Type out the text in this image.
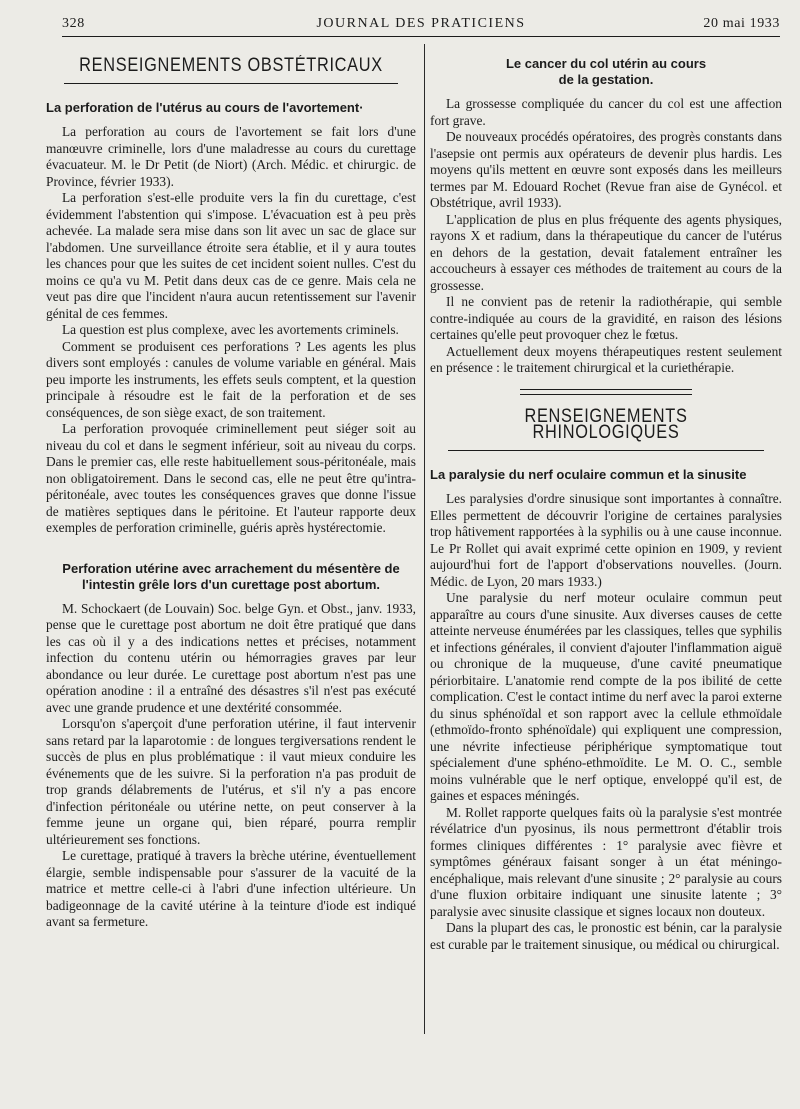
328	JOURNAL DES PRATICIENS	20 mai 1933
RENSEIGNEMENTS OBSTÉTRICAUX
La perforation de l'utérus au cours de l'avortement·

La perforation au cours de l'avortement se fait lors d'une manœuvre criminelle, lors d'une maladresse au cours du curettage évacuateur. M. le Dr Petit (de Niort) (Arch. Médic. et chirurgic. de Province, février 1933).

La perforation s'est-elle produite vers la fin du curettage, c'est évidemment l'abstention qui s'impose. L'évacuation est à peu près achevée. La malade sera mise dans son lit avec un sac de glace sur l'abdomen. Une surveillance étroite sera établie, et il y aura toutes les chances pour que les suites de cet incident soient nulles. C'est du moins ce qu'a vu M. Petit dans deux cas de ce genre. Mais cela ne veut pas dire que l'incident n'aura aucun retentissement sur l'avenir génital de ces femmes.

La question est plus complexe, avec les avortements criminels.

Comment se produisent ces perforations ? Les agents les plus divers sont employés : canules de volume variable en général. Mais peu importe les instruments, les effets seuls comptent, et la question principale à résoudre est le fait de la perforation et de ses conséquences, de son siège exact, de son traitement.

La perforation provoquée criminellement peut siéger soit au niveau du col et dans le segment inférieur, soit au niveau du corps. Dans le premier cas, elle reste habituellement sous-péritonéale, mais non obligatoirement. Dans le second cas, elle ne peut être qu'intra-péritonéale, avec toutes les conséquences graves que donne l'issue de matières septiques dans le péritoine. Et l'auteur rapporte deux exemples de perforation criminelle, guéris après hystérectomie.

Perforation utérine avec arrachement du mésentère de l'intestin grêle lors d'un curettage post abortum.

M. Schockaert (de Louvain) Soc. belge Gyn. et Obst., janv. 1933, pense que le curettage post abortum ne doit être pratiqué que dans les cas où il y a des indications nettes et précises, notamment infection du contenu utérin ou hémorragies graves par leur abondance ou leur durée. Le curettage post abortum n'est pas une opération anodine : il a entraîné des désastres s'il n'est pas exécuté avec une grande prudence et une dextérité consommée.

Lorsqu'on s'aperçoit d'une perforation utérine, il faut intervenir sans retard par la laparotomie : de longues tergiversations rendent le succès de plus en plus problématique : il vaut mieux conduire les événements que de les suivre. Si la perforation n'a pas produit de trop grands délabrements de l'utérus, et s'il n'y a pas encore d'infection péritonéale ou utérine nette, on peut conserver à la femme jeune un organe qui, bien réparé, pourra remplir ultérieurement ses fonctions.

Le curettage, pratiqué à travers la brèche utérine, éventuellement élargie, semble indispensable pour s'assurer de la vacuité de la matrice et mettre celle-ci à l'abri d'une infection ultérieure. Un badigeonnage de la cavité utérine à la teinture d'iode est indiqué avant sa fermeture.

Le cancer du col utérin au cours
de la gestation.

La grossesse compliquée du cancer du col est une affection fort grave.

De nouveaux procédés opératoires, des progrès constants dans l'asepsie ont permis aux opérateurs de devenir plus hardis. Les moyens qu'ils mettent en œuvre sont exposés dans les meilleurs termes par M. Edouard Rochet (Revue fran aise de Gynécol. et Obstétrique, avril 1933).

L'application de plus en plus fréquente des agents physiques, rayons X et radium, dans la thérapeutique du cancer de l'utérus en dehors de la gestation, devait fatalement entraîner les accoucheurs à essayer ces méthodes de traitement au cours de la grossesse.

Il ne convient pas de retenir la radiothérapie, qui semble contre-indiquée au cours de la gravidité, en raison des lésions certaines qu'elle peut provoquer chez le fœtus.

Actuellement deux moyens thérapeutiques restent seulement en présence : le traitement chirurgical et la curiethérapie.

RENSEIGNEMENTS RHINOLOGIQUES
La paralysie du nerf oculaire commun et la sinusite

Les paralysies d'ordre sinusique sont importantes à connaître. Elles permettent de découvrir l'origine de certaines paralysies trop hâtivement rapportées à la syphilis ou à une cause inconnue. Le Pr Rollet qui avait exprimé cette opinion en 1909, y revient aujourd'hui fort de l'apport d'observations nouvelles. (Journ. Médic. de Lyon, 20 mars 1933.)

Une paralysie du nerf moteur oculaire commun peut apparaître au cours d'une sinusite. Aux diverses causes de cette atteinte nerveuse énumérées par les classiques, telles que syphilis et infections générales, il convient d'ajouter l'inflammation aiguë ou chronique de la muqueuse, d'une cavité pneumatique périorbitaire. L'anatomie rend compte de la pos ibilité de cette complication. C'est le contact intime du nerf avec la paroi externe du sinus sphénoïdal et son rapport avec la cellule ethmoïdale (ethmoïdo-fronto sphénoïdale) qui expliquent une compression, une névrite infectieuse périphérique symptomatique tout spécialement d'une sphéno-ethmoïdite. Le M. O. C., semble moins vulnérable que le nerf optique, enveloppé qu'il est, de gaines et espaces méningés.

M. Rollet rapporte quelques faits où la paralysie s'est montrée révélatrice d'un pyosinus, ils nous permettront d'établir trois formes cliniques différentes : 1° paralysie avec fièvre et symptômes généraux faisant songer à un état méningo-encéphalique, mais relevant d'une sinusite ; 2° paralysie au cours d'une fluxion orbitaire indiquant une sinusite latente ; 3° paralysie avec sinusite classique et signes locaux non douteux.

Dans la plupart des cas, le pronostic est bénin, car la paralysie est curable par le traitement sinusique, ou médical ou chirurgical.
